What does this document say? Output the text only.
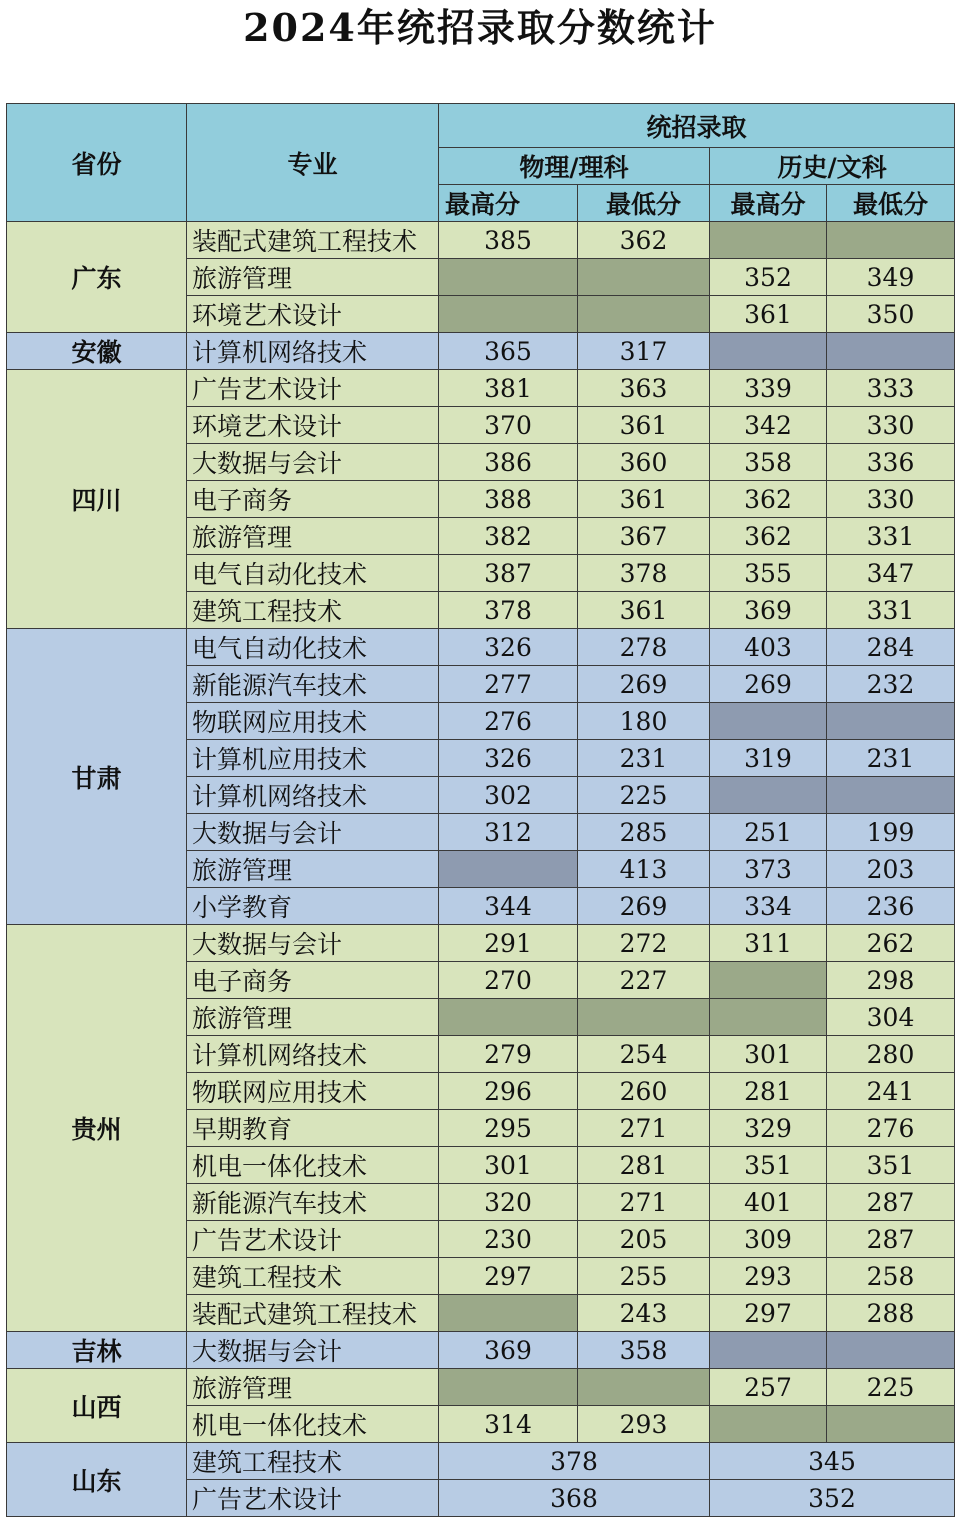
2024年统招录取分数统计
省份	专业	统招录取			
		物理/理科		历史/文科	
		最高分	最低分	最高分	最低分
广东	装配式建筑工程技术	385	362		
	旅游管理			352	349
	环境艺术设计			361	350
安徽	计算机网络技术	365	317		
四川	广告艺术设计	381	363	339	333
	环境艺术设计	370	361	342	330
	大数据与会计	386	360	358	336
	电子商务	388	361	362	330
	旅游管理	382	367	362	331
	电气自动化技术	387	378	355	347
	建筑工程技术	378	361	369	331
甘肃	电气自动化技术	326	278	403	284
	新能源汽车技术	277	269	269	232
	物联网应用技术	276	180		
	计算机应用技术	326	231	319	231
	计算机网络技术	302	225		
	大数据与会计	312	285	251	199
	旅游管理		413	373	203
	小学教育	344	269	334	236
贵州	大数据与会计	291	272	311	262
	电子商务	270	227		298
	旅游管理				304
	计算机网络技术	279	254	301	280
	物联网应用技术	296	260	281	241
	早期教育	295	271	329	276
	机电一体化技术	301	281	351	351
	新能源汽车技术	320	271	401	287
	广告艺术设计	230	205	309	287
	建筑工程技术	297	255	293	258
	装配式建筑工程技术		243	297	288
吉林	大数据与会计	369	358		
山西	旅游管理			257	225
	机电一体化技术	314	293		
山东	建筑工程技术	378		345	
	广告艺术设计	368		352	
